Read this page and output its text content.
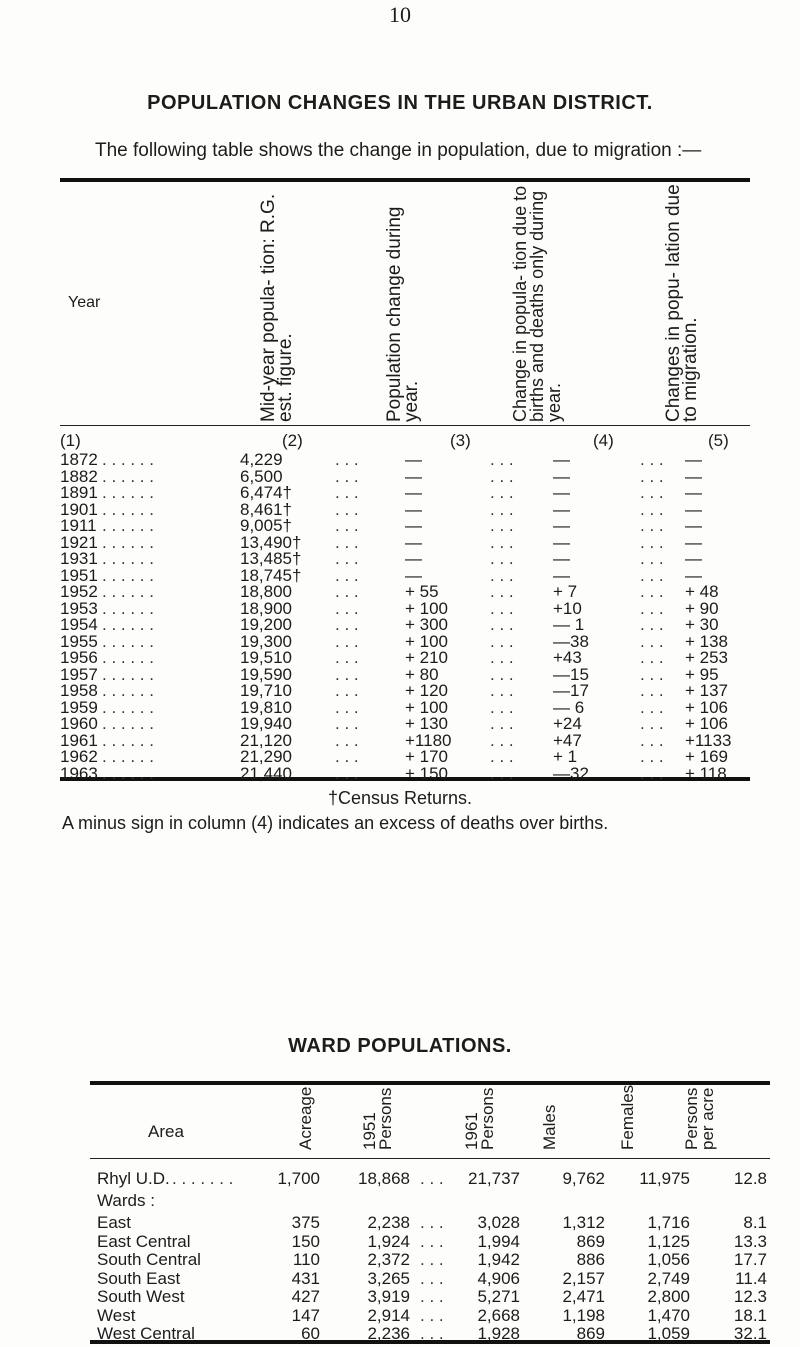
10
POPULATION CHANGES IN THE URBAN DISTRICT.
The following table shows the change in population, due to migration :—
Year	Mid-year popula- tion: R.G. est. figure.	Population change during year.	Change in popula- tion due to births and deaths only during year.	Changes in popu- lation due to migration.
(1)	(2)	(3)	(4)	(5)
. . . . . .	. . .	. . .	. . .
1872	4,229	—	—	—
. . . . . .	. . .	. . .	. . .
1882	6,500	—	—	—
. . . . . .	. . .	. . .	. . .
1891	6,474†	—	—	—
. . . . . .	. . .	. . .	. . .
1901	8,461†	—	—	—
. . . . . .	. . .	. . .	. . .
1911	9,005†	—	—	—
. . . . . .	. . .	. . .	. . .
1921	13,490†	—	—	—
. . . . . .	. . .	. . .	. . .
1931	13,485†	—	—	—
. . . . . .	. . .	. . .	. . .
1951	18,745†	—	—	—
. . . . . .	. . .	. . .	. . .
1952	18,800	+ 55	+ 7	+ 48
. . . . . .	. . .	. . .	. . .
1953	18,900	+ 100	+10	+ 90
. . . . . .	. . .	. . .	. . .
1954	19,200	+ 300	— 1	+ 30
. . . . . .	. . .	. . .	. . .
1955	19,300	+ 100	—38	+ 138
. . . . . .	. . .	. . .	. . .
1956	19,510	+ 210	+43	+ 253
. . . . . .	. . .	. . .	. . .
1957	19,590	+ 80	—15	+ 95
. . . . . .	. . .	. . .	. . .
1958	19,710	+ 120	—17	+ 137
. . . . . .	. . .	. . .	. . .
1959	19,810	+ 100	— 6	+ 106
. . . . . .	. . .	. . .	. . .
1960	19,940	+ 130	+24	+ 106
. . . . . .	. . .	. . .	. . .
1961	21,120	+1180	+47	+1133
. . . . . .	. . .	. . .	. . .
1962	21,290	+ 170	+ 1	+ 169
. . . . . .	. . .	. . .	. . .
1963	21,440	+ 150	—32	+ 118
†Census Returns.
A minus sign in column (4) indicates an excess of deaths over births.
WARD POPULATIONS.
Area	Acreage	1951 Persons	1961 Persons	Males	Females	Persons per acre
Rhyl U.D. . . . . . . .	1,700	18,868 . . .	21,737	9,762	11,975	12.8
Wards :
. . .
East	375	2,238	3,028	1,312	1,716	8.1
. . .
East Central	150	1,924	1,994	869	1,125	13.3
. . .
South Central	110	2,372	1,942	886	1,056	17.7
. . .
South East	431	3,265	4,906	2,157	2,749	11.4
. . .
South West	427	3,919	5,271	2,471	2,800	12.3
. . .
West	147	2,914	2,668	1,198	1,470	18.1
. . .
West Central	60	2,236	1,928	869	1,059	32.1
